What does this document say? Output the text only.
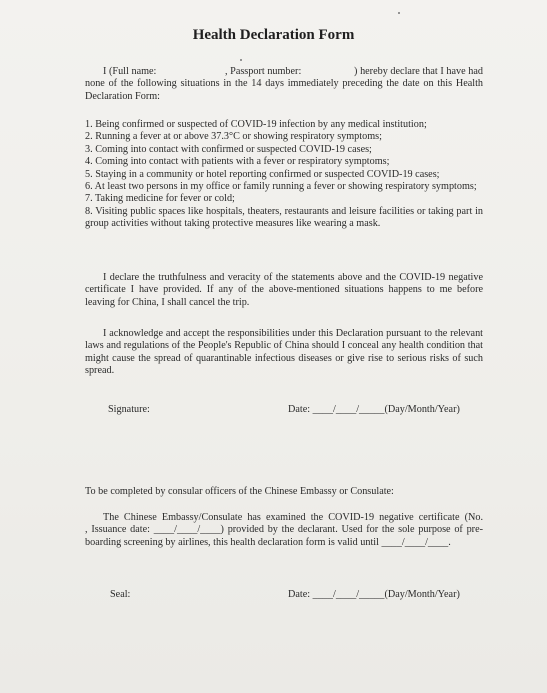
Health Declaration Form

I (Full name:                          , Passport number:                    ) hereby declare that I have had none of the following situations in the 14 days immediately preceding the date on this Health Declaration Form:

1. Being confirmed or suspected of COVID-19 infection by any medical institution;
2. Running a fever at or above 37.3°C or showing respiratory symptoms;
3. Coming into contact with confirmed or suspected COVID-19 cases;
4. Coming into contact with patients with a fever or respiratory symptoms;
5. Staying in a community or hotel reporting confirmed or suspected COVID-19 cases;
6. At least two persons in my office or family running a fever or showing respiratory symptoms;
7. Taking medicine for fever or cold;
8. Visiting public spaces like hospitals, theaters, restaurants and leisure facilities or taking part in group activities without taking protective measures like wearing a mask.

I declare the truthfulness and veracity of the statements above and the COVID-19 negative certificate I have provided. If any of the above-mentioned situations happens to me before leaving for China, I shall cancel the trip.

I acknowledge and accept the responsibilities under this Declaration pursuant to the relevant laws and regulations of the People's Republic of China should I conceal any health condition that might cause the spread of quarantinable infectious diseases or give rise to serious risks of such spread.

Signature:	Date: ____/____/_____(Day/Month/Year)

To be completed by consular officers of the Chinese Embassy or Consulate:

The Chinese Embassy/Consulate has examined the COVID-19 negative certificate (No.                    , Issuance date: ____/____/____) provided by the declarant. Used for the sole purpose of pre-boarding screening by airlines, this health declaration form is valid until ____/____/____.

Seal:	Date: ____/____/_____(Day/Month/Year)
